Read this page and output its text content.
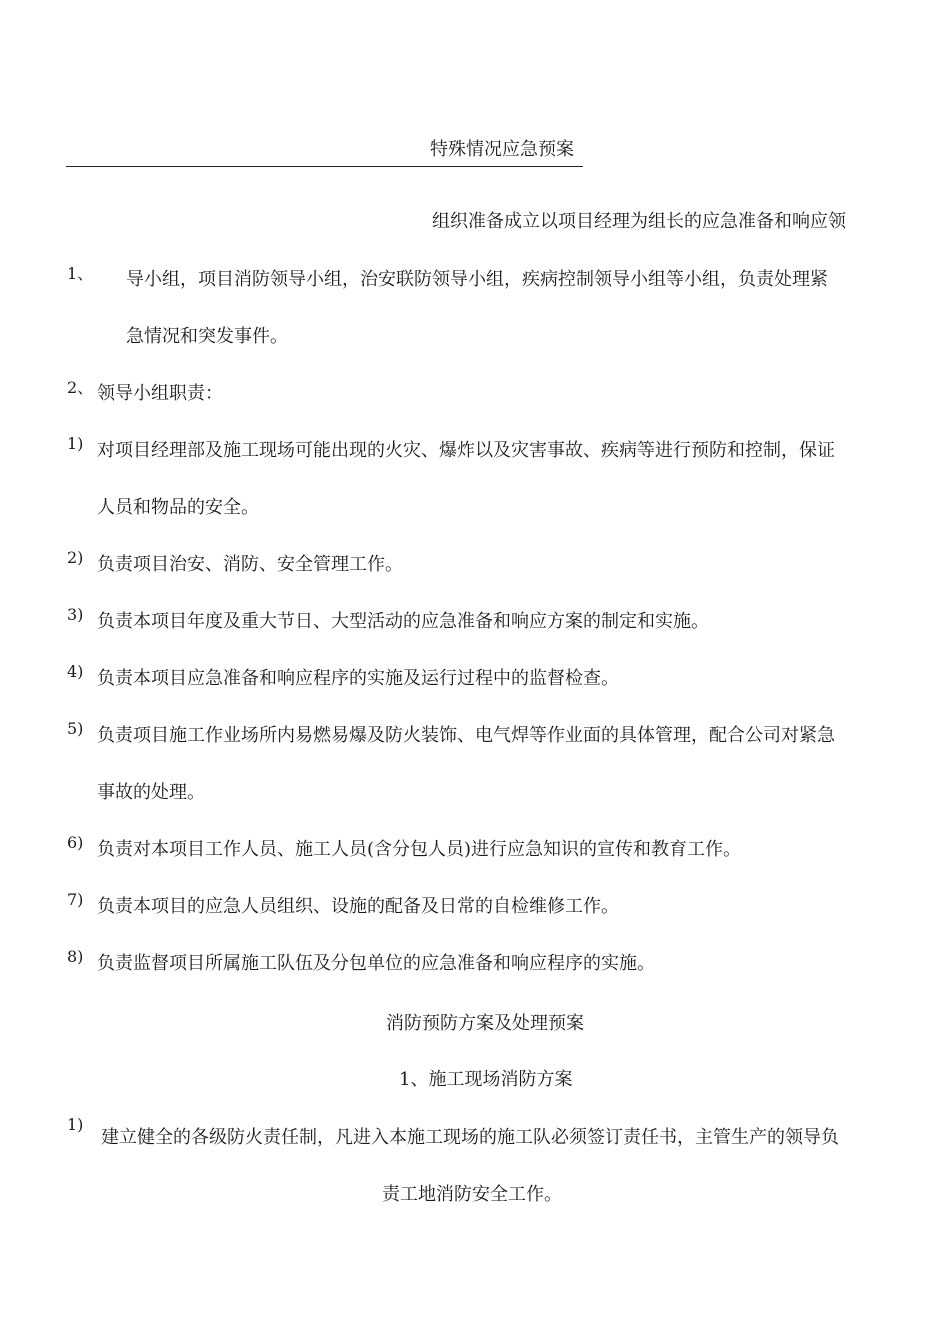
特殊情况应急预案
1、
组织准备成立以项目经理为组长的应急准备和响应领
导小组，项目消防领导小组，治安联防领导小组，疾病控制领导小组等小组，负责处理紧
急情况和突发事件。
2、 领导小组职责：
1) 对项目经理部及施工现场可能出现的火灾、爆炸以及灾害事故、疾病等进行预防和控制，保证
人员和物品的安全。
2) 负责项目治安、消防、安全管理工作。
3) 负责本项目年度及重大节日、大型活动的应急准备和响应方案的制定和实施。
4) 负责本项目应急准备和响应程序的实施及运行过程中的监督检查。
5) 负责项目施工作业场所内易燃易爆及防火装饰、电气焊等作业面的具体管理，配合公司对紧急
事故的处理。
6) 负责对本项目工作人员、施工人员(含分包人员)进行应急知识的宣传和教育工作。
7) 负责本项目的应急人员组织、设施的配备及日常的自检维修工作。
8) 负责监督项目所属施工队伍及分包单位的应急准备和响应程序的实施。
消防预防方案及处理预案
1、施工现场消防方案
1)
建立健全的各级防火责任制，凡进入本施工现场的施工队必须签订责任书，主管生产的领导负
责工地消防安全工作。
